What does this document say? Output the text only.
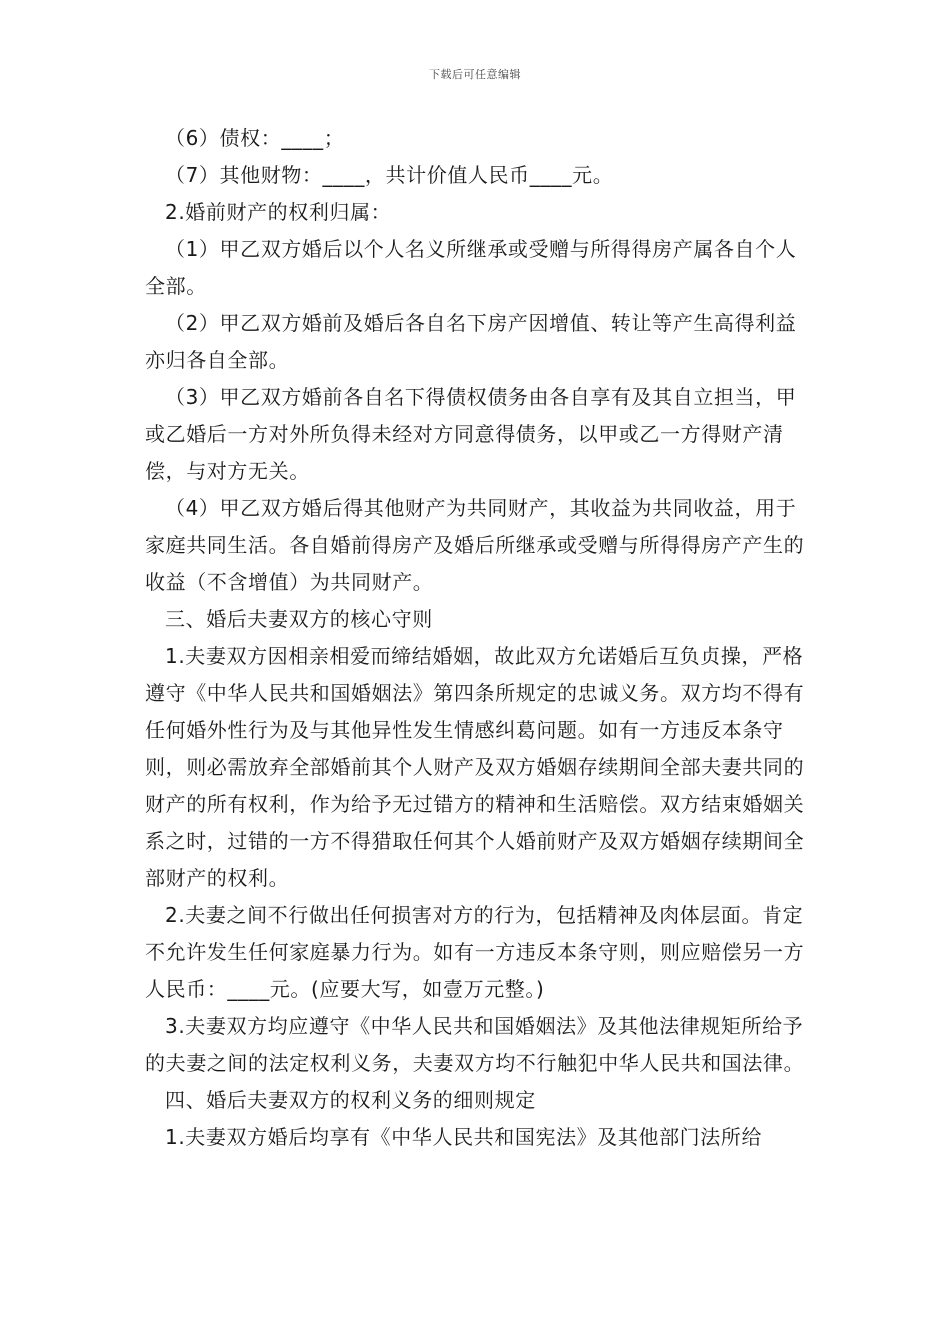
下载后可任意编辑

（6）债权：____；

（7）其他财物：____，共计价值人民币____元。

2.婚前财产的权利归属：

（1）甲乙双方婚后以个人名义所继承或受赠与所得得房产属各自个人全部。

（2）甲乙双方婚前及婚后各自名下房产因增值、转让等产生高得利益亦归各自全部。

（3）甲乙双方婚前各自名下得债权债务由各自享有及其自立担当，甲或乙婚后一方对外所负得未经对方同意得债务，以甲或乙一方得财产清偿，与对方无关。

（4）甲乙双方婚后得其他财产为共同财产，其收益为共同收益，用于家庭共同生活。各自婚前得房产及婚后所继承或受赠与所得得房产产生的收益（不含增值）为共同财产。

三、婚后夫妻双方的核心守则

1.夫妻双方因相亲相爱而缔结婚姻，故此双方允诺婚后互负贞操，严格遵守《中华人民共和国婚姻法》第四条所规定的忠诚义务。双方均不得有任何婚外性行为及与其他异性发生情感纠葛问题。如有一方违反本条守则，则必需放弃全部婚前其个人财产及双方婚姻存续期间全部夫妻共同的财产的所有权利，作为给予无过错方的精神和生活赔偿。双方结束婚姻关系之时，过错的一方不得猎取任何其个人婚前财产及双方婚姻存续期间全部财产的权利。

2.夫妻之间不行做出任何损害对方的行为，包括精神及肉体层面。肯定不允许发生任何家庭暴力行为。如有一方违反本条守则，则应赔偿另一方人民币：____元。(应要大写，如壹万元整。)

3.夫妻双方均应遵守《中华人民共和国婚姻法》及其他法律规矩所给予的夫妻之间的法定权利义务，夫妻双方均不行触犯中华人民共和国法律。

四、婚后夫妻双方的权利义务的细则规定

1.夫妻双方婚后均享有《中华人民共和国宪法》及其他部门法所给
